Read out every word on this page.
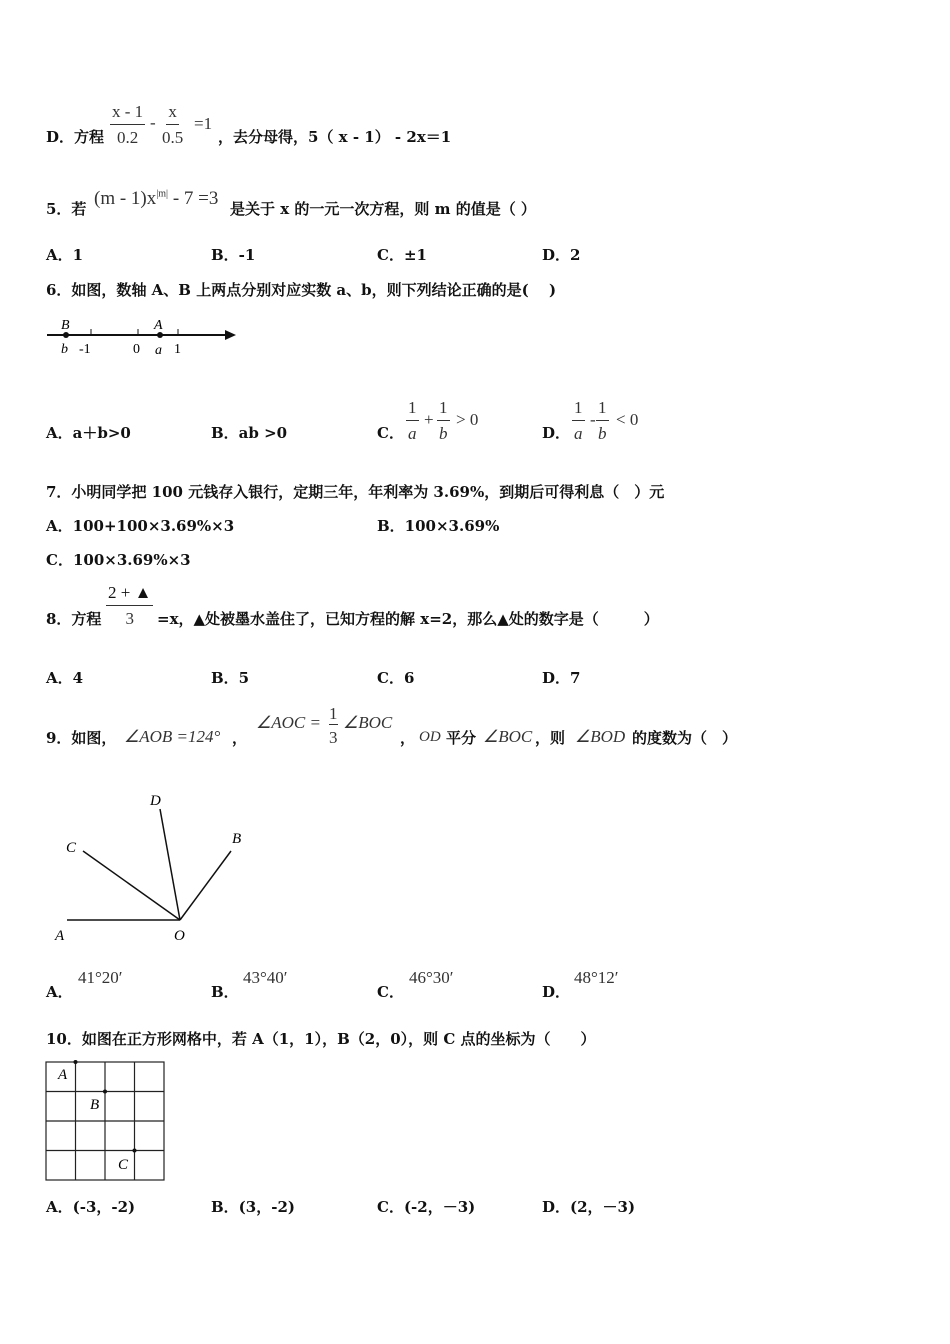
D．方程 $\frac{x - 1}{0.2} - \frac{x}{0.5} =1$
，去分母得，5（ x - 1） - 2x＝1
5．若 $(m - 1)x^{|m|} - 7 =3$ 是关于 x 的一元一次方程，则 m 的值是（ ）
A．1	B．-1	C．±1	D．2
6．如图，数轴 A、B 上两点分别对应实数 a、b，则下列结论正确的是(　 )
B	A
b -1	0 a 1
A．a＋b>0	B．ab >0	C． $\frac{1}{a} + \frac{1}{b} > 0$
D． $\frac{1}{a} - \frac{1}{b} < 0$
7．小明同学把 100 元钱存入银行，定期三年，年利率为 3.69%，到期后可得利息（　）元
A．100+100×3.69%×3	B．100×3.69%
C．100×3.69%×3
8．方程 $\frac{2 + ▲}{3} =x$，▲处被墨水盖住了，已知方程的解 x=2，那么▲处的数字是（　　　）
A．4	B．5	C．6	D．7
9．如图， ∠AOB =124° ，
∠AOC = $\frac{1}{3}$ ∠BOC
， OD 平分 ∠BOC ，则 ∠BOD 的度数为（　）
A	O
B
C
D
A．
41°20′
B．
43°40′
C．
46°30′
D．
48°12′
10．如图在正方形网格中，若 A（1，1），B（2，0），则 C 点的坐标为（　　）
A
B
C
A．(-3，-2)	B．(3，-2)	C．(-2，－3)	D．(2，－3)
